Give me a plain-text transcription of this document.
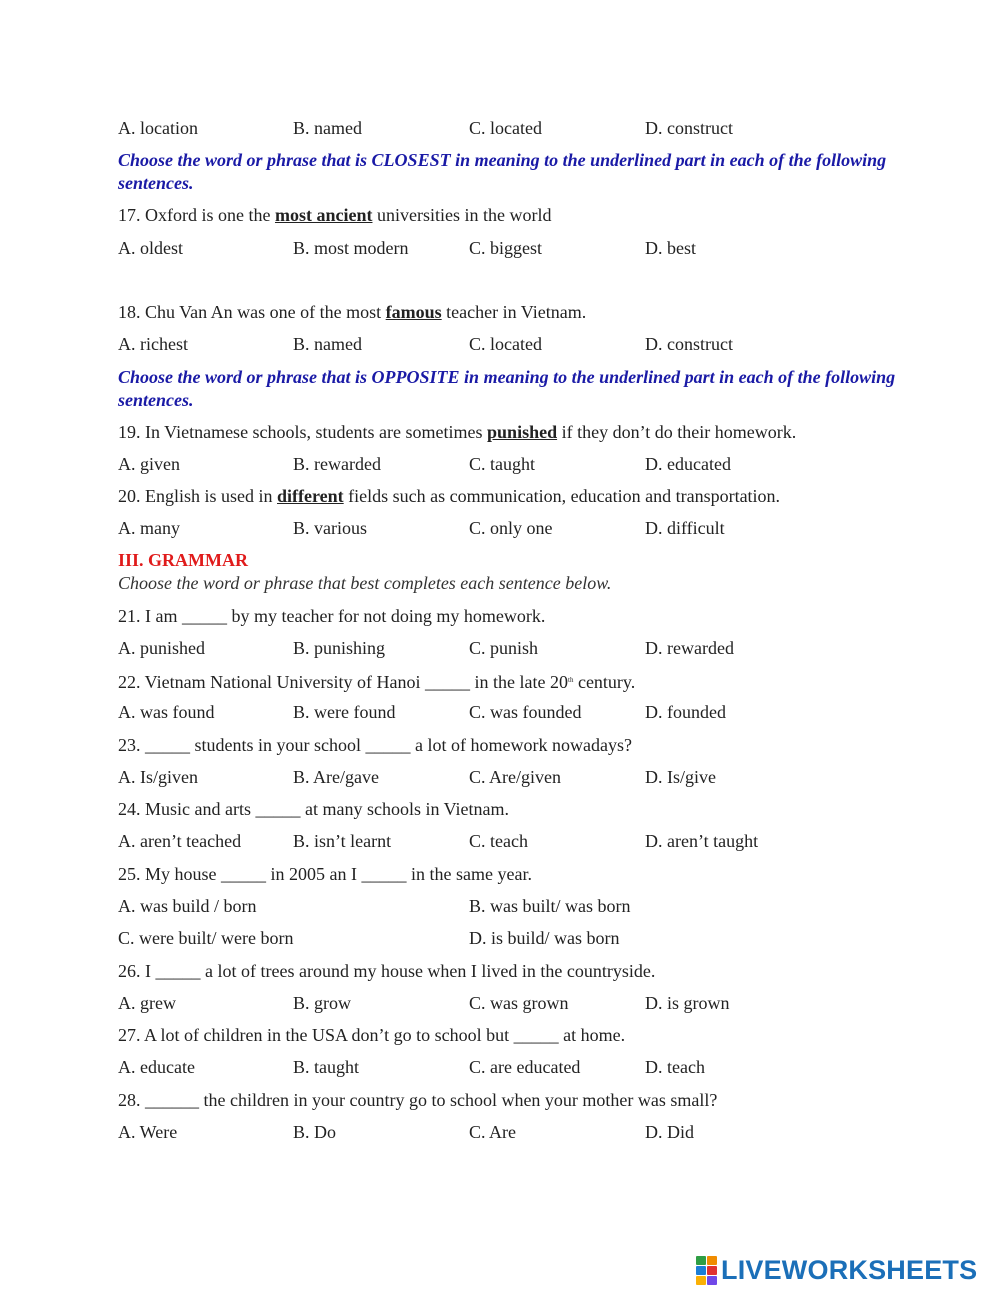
A. location	B. named	C. located	D. construct
Choose the word or phrase that is CLOSEST in meaning to the underlined part in each of the following sentences.
17. Oxford is one the most ancient universities in the world
A. oldest	B. most modern	C. biggest	D. best
18. Chu Van An was one of the most famous teacher in Vietnam.
A. richest	B. named	C. located	D. construct
Choose the word or phrase that is OPPOSITE in meaning to the underlined part in each of the following sentences.
19. In Vietnamese schools, students are sometimes punished if they don’t do their homework.
A. given	B. rewarded	C. taught	D. educated
20. English is used in different fields such as communication, education and transportation.
A. many	B. various	C. only one	D. difficult
III. GRAMMAR
Choose the word or phrase that best completes each sentence below.
21. I am _____ by my teacher for not doing my homework.
A. punished	B. punishing	C. punish	D. rewarded
22. Vietnam National University of Hanoi _____ in the late 20th century.
A. was found	B. were found	C. was founded	D. founded
23. _____ students in your school _____ a lot of homework nowadays?
A. Is/given	B. Are/gave	C. Are/given	D. Is/give
24. Music and arts _____ at many schools in Vietnam.
A. aren’t teached	B. isn’t learnt	C. teach	D. aren’t taught
25. My house _____ in 2005 an I _____ in the same year.
A. was build / born	B. was built/ was born
C. were built/ were born	D. is build/ was born
26. I _____ a lot of trees around my house when I lived in the countryside.
A. grew	B. grow	C. was grown	D. is grown
27. A lot of children in the USA don’t go to school but _____ at home.
A. educate	B. taught	C. are educated	D. teach
28. ______ the children in your country go to school when your mother was small?
A. Were	B. Do	C. Are	D. Did
LIVEWORKSHEETS
